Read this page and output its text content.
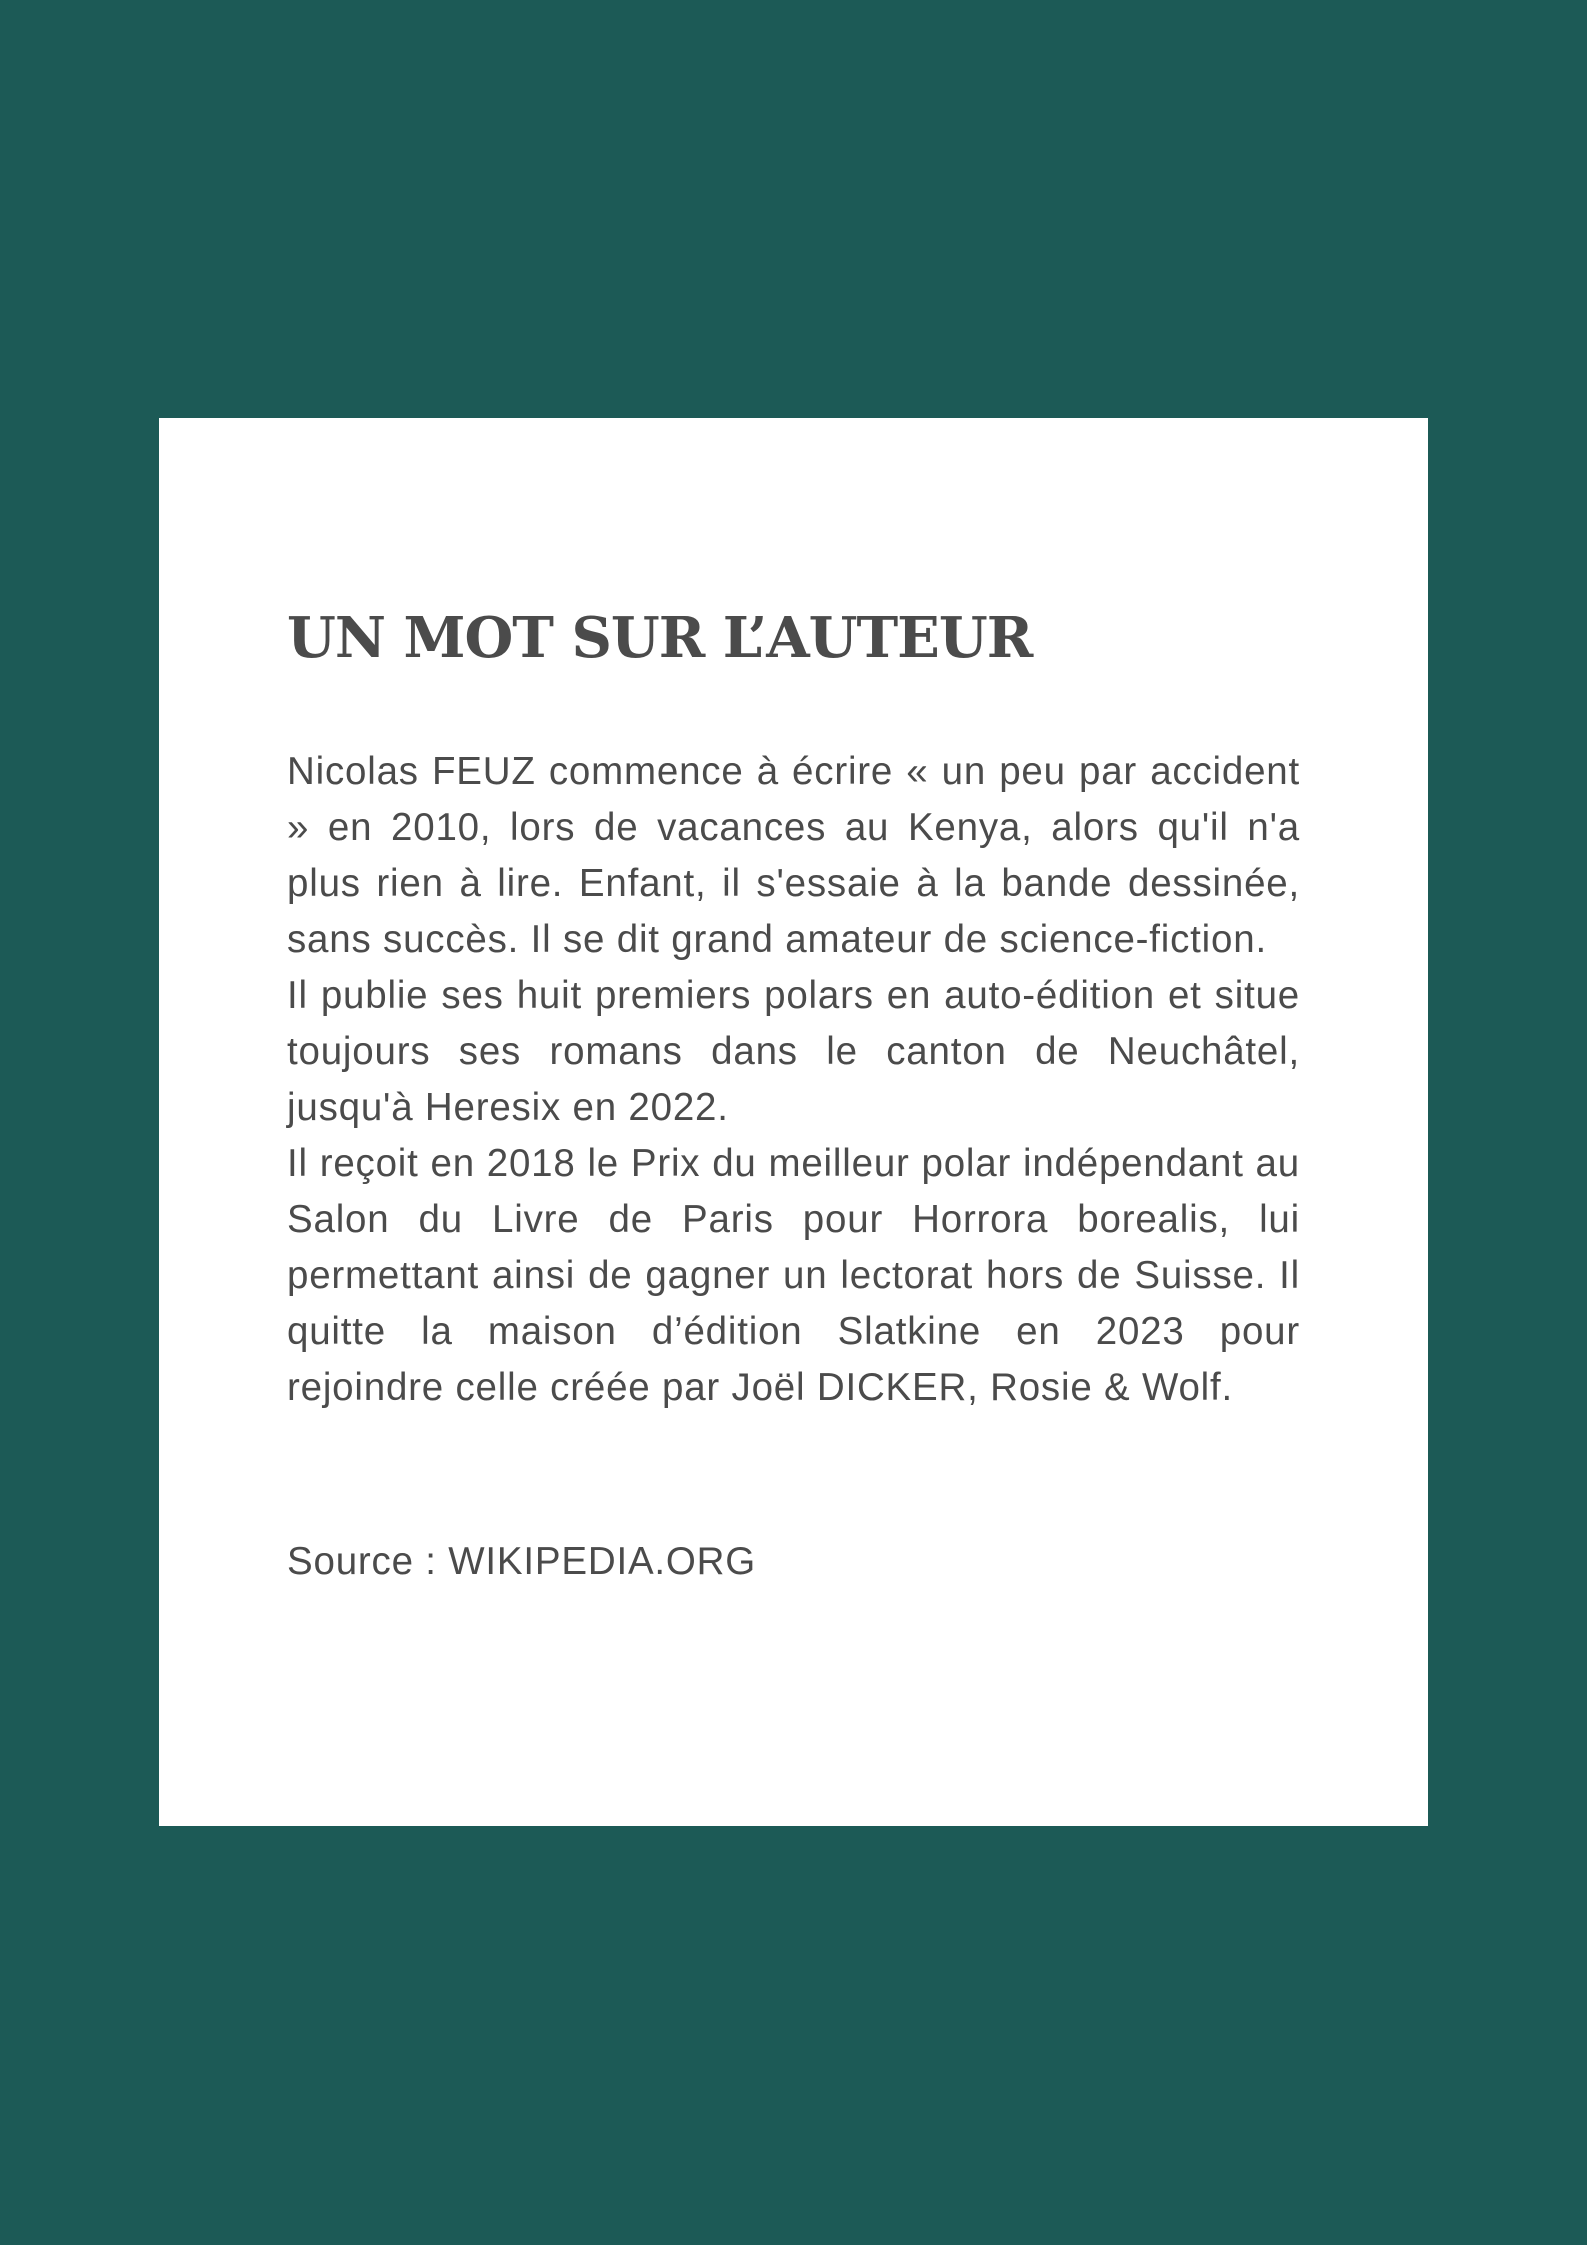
UN MOT SUR L’AUTEUR

Nicolas FEUZ commence à écrire « un peu par accident » en 2010, lors de vacances au Kenya, alors qu'il n'a plus rien à lire. Enfant, il s'essaie à la bande dessinée, sans succès. Il se dit grand amateur de science-fiction.

Il publie ses huit premiers polars en auto-édition et situe toujours ses romans dans le canton de Neuchâtel, jusqu'à Heresix en 2022.

Il reçoit en 2018 le Prix du meilleur polar indépendant au Salon du Livre de Paris pour Horrora borealis, lui permettant ainsi de gagner un lectorat hors de Suisse. Il quitte la maison d’édition Slatkine en 2023 pour rejoindre celle créée par Joël DICKER, Rosie & Wolf.

Source : WIKIPEDIA.ORG
